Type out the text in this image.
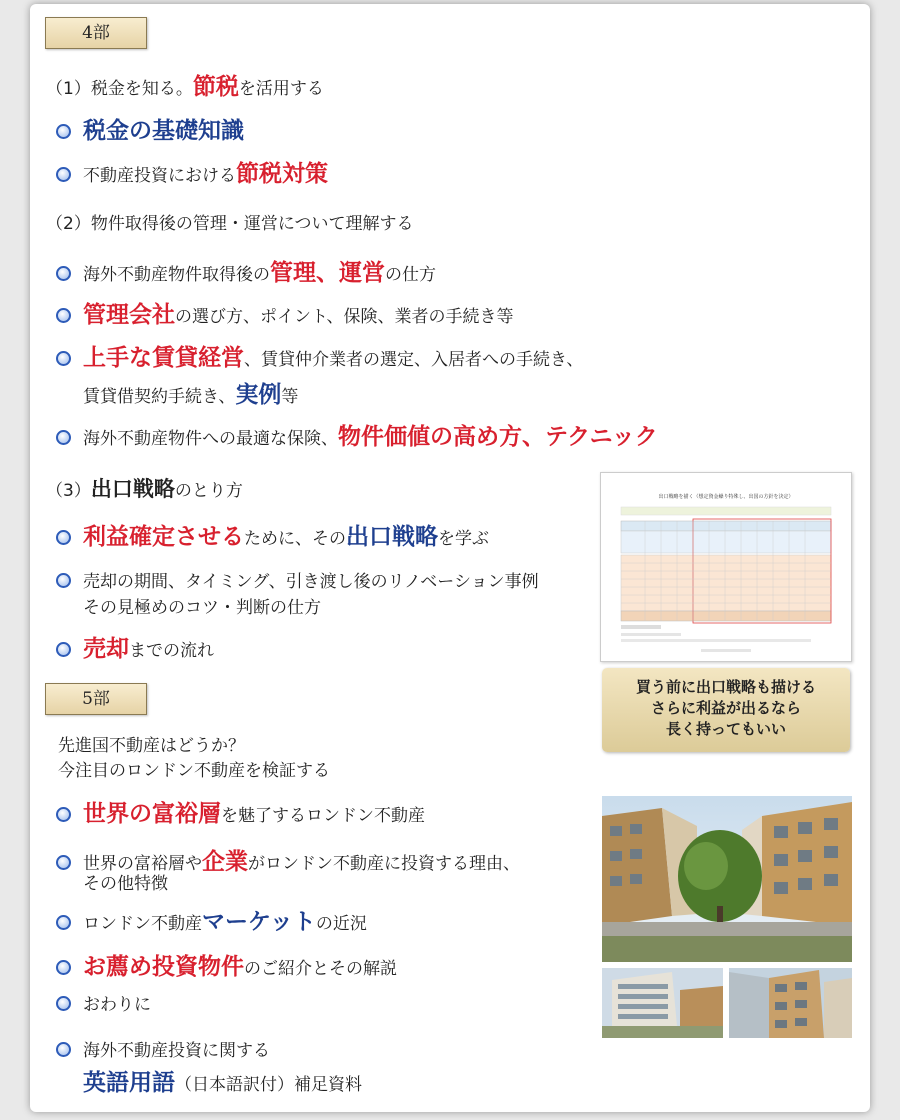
4部
（1）税金を知る。節税を活用する
税金の基礎知識
不動産投資における節税対策
（2）物件取得後の管理・運営について理解する
海外不動産物件取得後の管理、運営の仕方
管理会社の選び方、ポイント、保険、業者の手続き等
上手な賃貸経営、賃貸仲介業者の選定、入居者への手続き、
賃貸借契約手続き、実例等
海外不動産物件への最適な保険、物件価値の高め方、テクニック
（3）出口戦略のとり方
利益確定させるために、その出口戦略を学ぶ
売却の期間、タイミング、引き渡し後のリノベーション事例
その見極めのコツ・判断の仕方
売却までの流れ
出口戦略を描く（想定資金繰り特殊し、出国の方針を決定）
買う前に出口戦略も描ける
さらに利益が出るなら
長く持ってもいい
5部
先進国不動産はどうか？
今注目のロンドン不動産を検証する
世界の富裕層を魅了するロンドン不動産
世界の富裕層や企業がロンドン不動産に投資する理由、
その他特徴
ロンドン不動産マーケットの近況
お薦め投資物件のご紹介とその解説
おわりに
海外不動産投資に関する
英語用語（日本語訳付）補足資料
